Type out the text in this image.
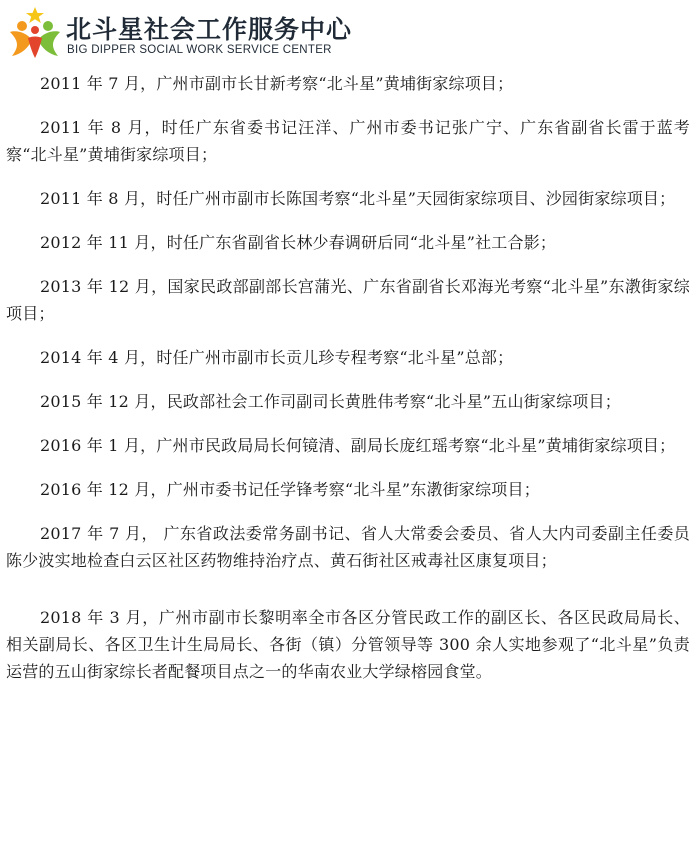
北斗星社会工作服务中心
BIG DIPPER SOCIAL WORK SERVICE CENTER

2011 年 7 月，广州市副市长甘新考察“北斗星”黄埔街家综项目；

2011 年 8 月，时任广东省委书记汪洋、广州市委书记张广宁、广东省副省长雷于蓝考察“北斗星”黄埔街家综项目；

2011 年 8 月，时任广州市副市长陈国考察“北斗星”天园街家综项目、沙园街家综项目；

2012 年 11 月，时任广东省副省长林少春调研后同“北斗星”社工合影；

2013 年 12 月，国家民政部副部长宫蒲光、广东省副省长邓海光考察“北斗星”东漖街家综项目；

2014 年 4 月，时任广州市副市长贡儿珍专程考察“北斗星”总部；

2015 年 12 月，民政部社会工作司副司长黄胜伟考察“北斗星”五山街家综项目；

2016 年 1 月，广州市民政局局长何镜清、副局长庞红瑶考察“北斗星”黄埔街家综项目；

2016 年 12 月，广州市委书记任学锋考察“北斗星”东漖街家综项目；

2017 年 7 月， 广东省政法委常务副书记、省人大常委会委员、省人大内司委副主任委员陈少波实地检查白云区社区药物维持治疗点、黄石街社区戒毒社区康复项目；

2018 年 3 月，广州市副市长黎明率全市各区分管民政工作的副区长、各区民政局局长、相关副局长、各区卫生计生局局长、各街（镇）分管领导等 300 余人实地参观了“北斗星”负责运营的五山街家综长者配餐项目点之一的华南农业大学绿榕园食堂。
